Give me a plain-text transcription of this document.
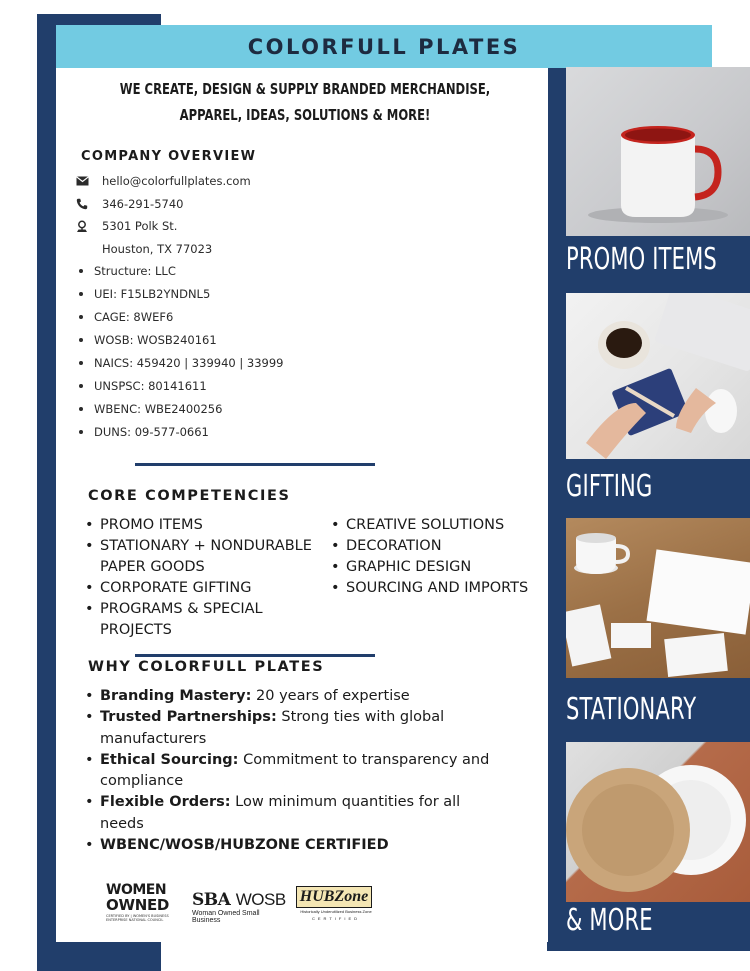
COLORFULL PLATES
WE CREATE, DESIGN & SUPPLY BRANDED MERCHANDISE,
APPAREL, IDEAS, SOLUTIONS & MORE!
COMPANY OVERVIEW
hello@colorfullplates.com
346-291-5740
5301 Polk St.
Houston, TX 77023
Structure: LLC
UEI: F15LB2YNDNL5
CAGE: 8WEF6
WOSB: WOSB240161
NAICS: 459420 | 339940 | 33999
UNSPSC: 80141611
WBENC: WBE2400256
DUNS: 09-577-0661
CORE COMPETENCIES
• PROMO ITEMS
• STATIONARY + NONDURABLE PAPER GOODS
• CORPORATE GIFTING
• PROGRAMS & SPECIAL PROJECTS
• CREATIVE SOLUTIONS
• DECORATION
• GRAPHIC DESIGN
• SOURCING AND IMPORTS
WHY COLORFULL PLATES
• Branding Mastery: 20 years of expertise
• Trusted Partnerships: Strong ties with global manufacturers
• Ethical Sourcing: Commitment to transparency and compliance
• Flexible Orders: Low minimum quantities for all needs
• WBENC/WOSB/HUBZONE CERTIFIED
WOMEN
OWNED
CERTIFIED BY | WOMEN'S BUSINESS ENTERPRISE NATIONAL COUNCIL
SBA WOSB
Woman Owned Small Business
HUBZone
Historically Underutilized Business Zone
CERTIFIED
PROMO ITEMS
GIFTING
STATIONARY
& MORE
